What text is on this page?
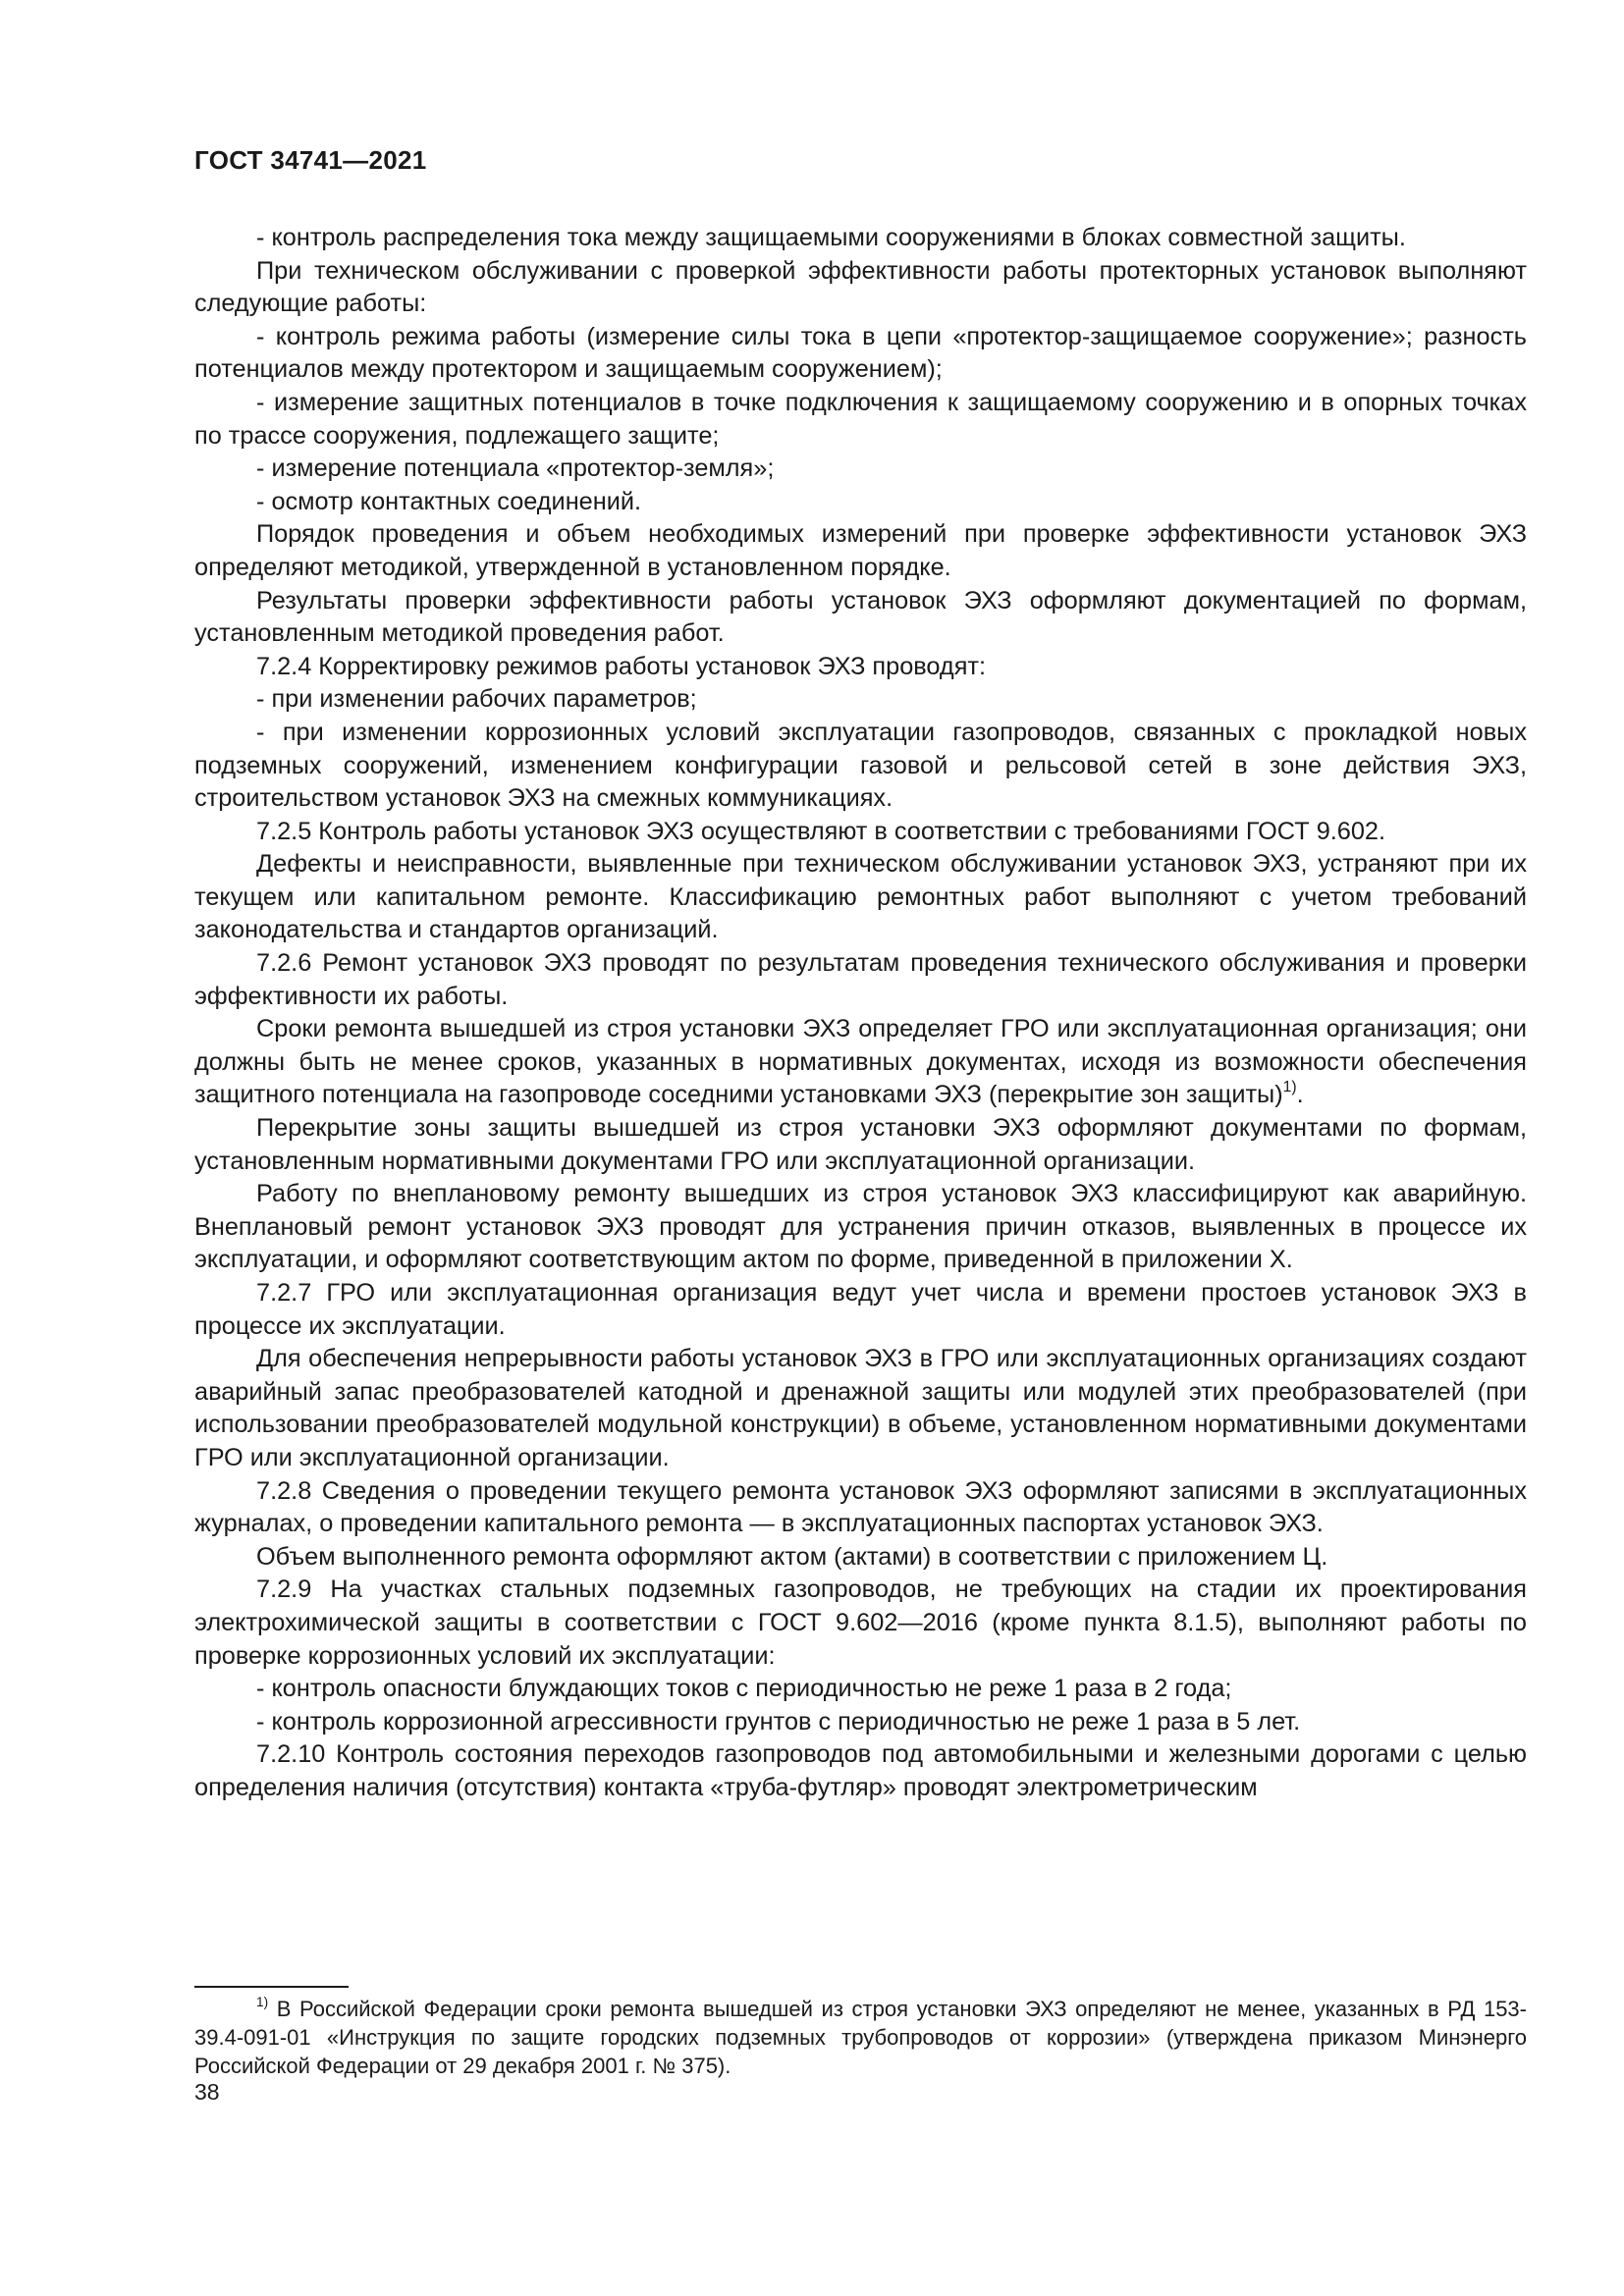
ГОСТ 34741—2021

- контроль распределения тока между защищаемыми сооружениями в блоках совместной защиты.

При техническом обслуживании с проверкой эффективности работы протекторных установок выполняют следующие работы:

- контроль режима работы (измерение силы тока в цепи «протектор-защищаемое сооружение»; разность потенциалов между протектором и защищаемым сооружением);

- измерение защитных потенциалов в точке подключения к защищаемому сооружению и в опорных точках по трассе сооружения, подлежащего защите;

- измерение потенциала «протектор-земля»;

- осмотр контактных соединений.

Порядок проведения и объем необходимых измерений при проверке эффективности установок ЭХЗ определяют методикой, утвержденной в установленном порядке.

Результаты проверки эффективности работы установок ЭХЗ оформляют документацией по формам, установленным методикой проведения работ.

7.2.4 Корректировку режимов работы установок ЭХЗ проводят:

- при изменении рабочих параметров;

- при изменении коррозионных условий эксплуатации газопроводов, связанных с прокладкой новых подземных сооружений, изменением конфигурации газовой и рельсовой сетей в зоне действия ЭХЗ, строительством установок ЭХЗ на смежных коммуникациях.

7.2.5 Контроль работы установок ЭХЗ осуществляют в соответствии с требованиями ГОСТ 9.602.

Дефекты и неисправности, выявленные при техническом обслуживании установок ЭХЗ, устраняют при их текущем или капитальном ремонте. Классификацию ремонтных работ выполняют с учетом требований законодательства и стандартов организаций.

7.2.6 Ремонт установок ЭХЗ проводят по результатам проведения технического обслуживания и проверки эффективности их работы.

Сроки ремонта вышедшей из строя установки ЭХЗ определяет ГРО или эксплуатационная организация; они должны быть не менее сроков, указанных в нормативных документах, исходя из возможности обеспечения защитного потенциала на газопроводе соседними установками ЭХЗ (перекрытие зон защиты)$^{1)}$.

Перекрытие зоны защиты вышедшей из строя установки ЭХЗ оформляют документами по формам, установленным нормативными документами ГРО или эксплуатационной организации.

Работу по внеплановому ремонту вышедших из строя установок ЭХЗ классифицируют как аварийную. Внеплановый ремонт установок ЭХЗ проводят для устранения причин отказов, выявленных в процессе их эксплуатации, и оформляют соответствующим актом по форме, приведенной в приложении Х.

7.2.7 ГРО или эксплуатационная организация ведут учет числа и времени простоев установок ЭХЗ в процессе их эксплуатации.

Для обеспечения непрерывности работы установок ЭХЗ в ГРО или эксплуатационных организациях создают аварийный запас преобразователей катодной и дренажной защиты или модулей этих преобразователей (при использовании преобразователей модульной конструкции) в объеме, установленном нормативными документами ГРО или эксплуатационной организации.

7.2.8 Сведения о проведении текущего ремонта установок ЭХЗ оформляют записями в эксплуатационных журналах, о проведении капитального ремонта — в эксплуатационных паспортах установок ЭХЗ.

Объем выполненного ремонта оформляют актом (актами) в соответствии с приложением Ц.

7.2.9 На участках стальных подземных газопроводов, не требующих на стадии их проектирования электрохимической защиты в соответствии с ГОСТ 9.602—2016 (кроме пункта 8.1.5), выполняют работы по проверке коррозионных условий их эксплуатации:

- контроль опасности блуждающих токов с периодичностью не реже 1 раза в 2 года;

- контроль коррозионной агрессивности грунтов с периодичностью не реже 1 раза в 5 лет.

7.2.10 Контроль состояния переходов газопроводов под автомобильными и железными дорогами с целью определения наличия (отсутствия) контакта «труба-футляр» проводят электрометрическим

$^{1)}$ В Российской Федерации сроки ремонта вышедшей из строя установки ЭХЗ определяют не менее, указанных в РД 153-39.4-091-01 «Инструкция по защите городских подземных трубопроводов от коррозии» (утверждена приказом Минэнерго Российской Федерации от 29 декабря 2001 г. № 375).

38
